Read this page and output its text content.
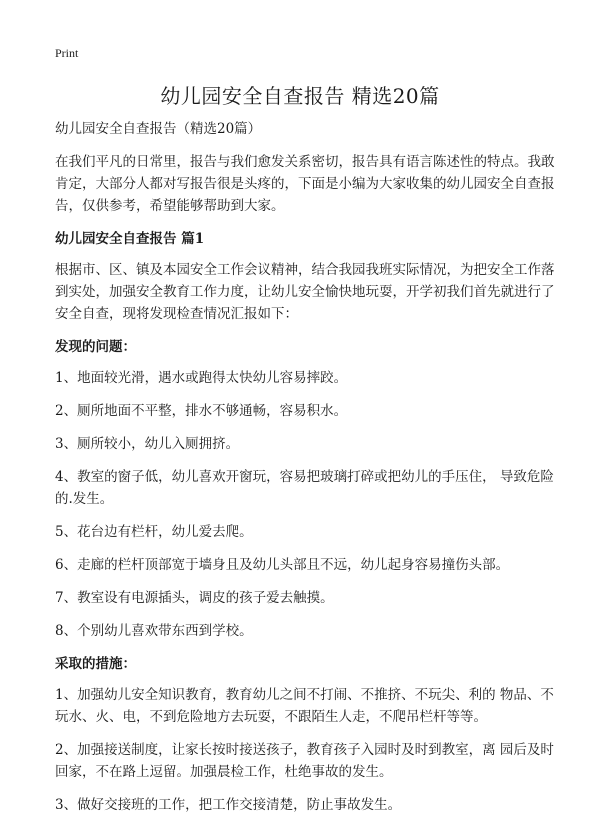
Print
幼儿园安全自查报告 精选20篇

幼儿园安全自查报告（精选20篇）

在我们平凡的日常里，报告与我们愈发关系密切，报告具有语言陈述性的特点。我敢肯定，大部分人都对写报告很是头疼的，下面是小编为大家收集的幼儿园安全自查报告，仅供参考，希望能够帮助到大家。

幼儿园安全自查报告 篇1

根据市、区、镇及本园安全工作会议精神，结合我园我班实际情况，为把安全工作落到实处，加强安全教育工作力度，让幼儿安全愉快地玩耍，开学初我们首先就进行了安全自查，现将发现检查情况汇报如下：

发现的问题：

1、地面较光滑，遇水或跑得太快幼儿容易摔跤。

2、厕所地面不平整，排水不够通畅，容易积水。

3、厕所较小，幼儿入厕拥挤。

4、教室的窗子低，幼儿喜欢开窗玩，容易把玻璃打碎或把幼儿的手压住， 导致危险的.发生。

5、花台边有栏杆，幼儿爱去爬。

6、走廊的栏杆顶部宽于墙身且及幼儿头部且不远，幼儿起身容易撞伤头部。

7、教室设有电源插头，调皮的孩子爱去触摸。

8、个别幼儿喜欢带东西到学校。

采取的措施：

1、加强幼儿安全知识教育，教育幼儿之间不打闹、不推挤、不玩尖、利的 物品、不玩水、火、电，不到危险地方去玩耍，不跟陌生人走，不爬吊栏杆等等。

2、加强接送制度，让家长按时接送孩子，教育孩子入园时及时到教室，离 园后及时回家，不在路上逗留。加强晨检工作，杜绝事故的发生。

3、做好交接班的工作，把工作交接清楚，防止事故发生。
